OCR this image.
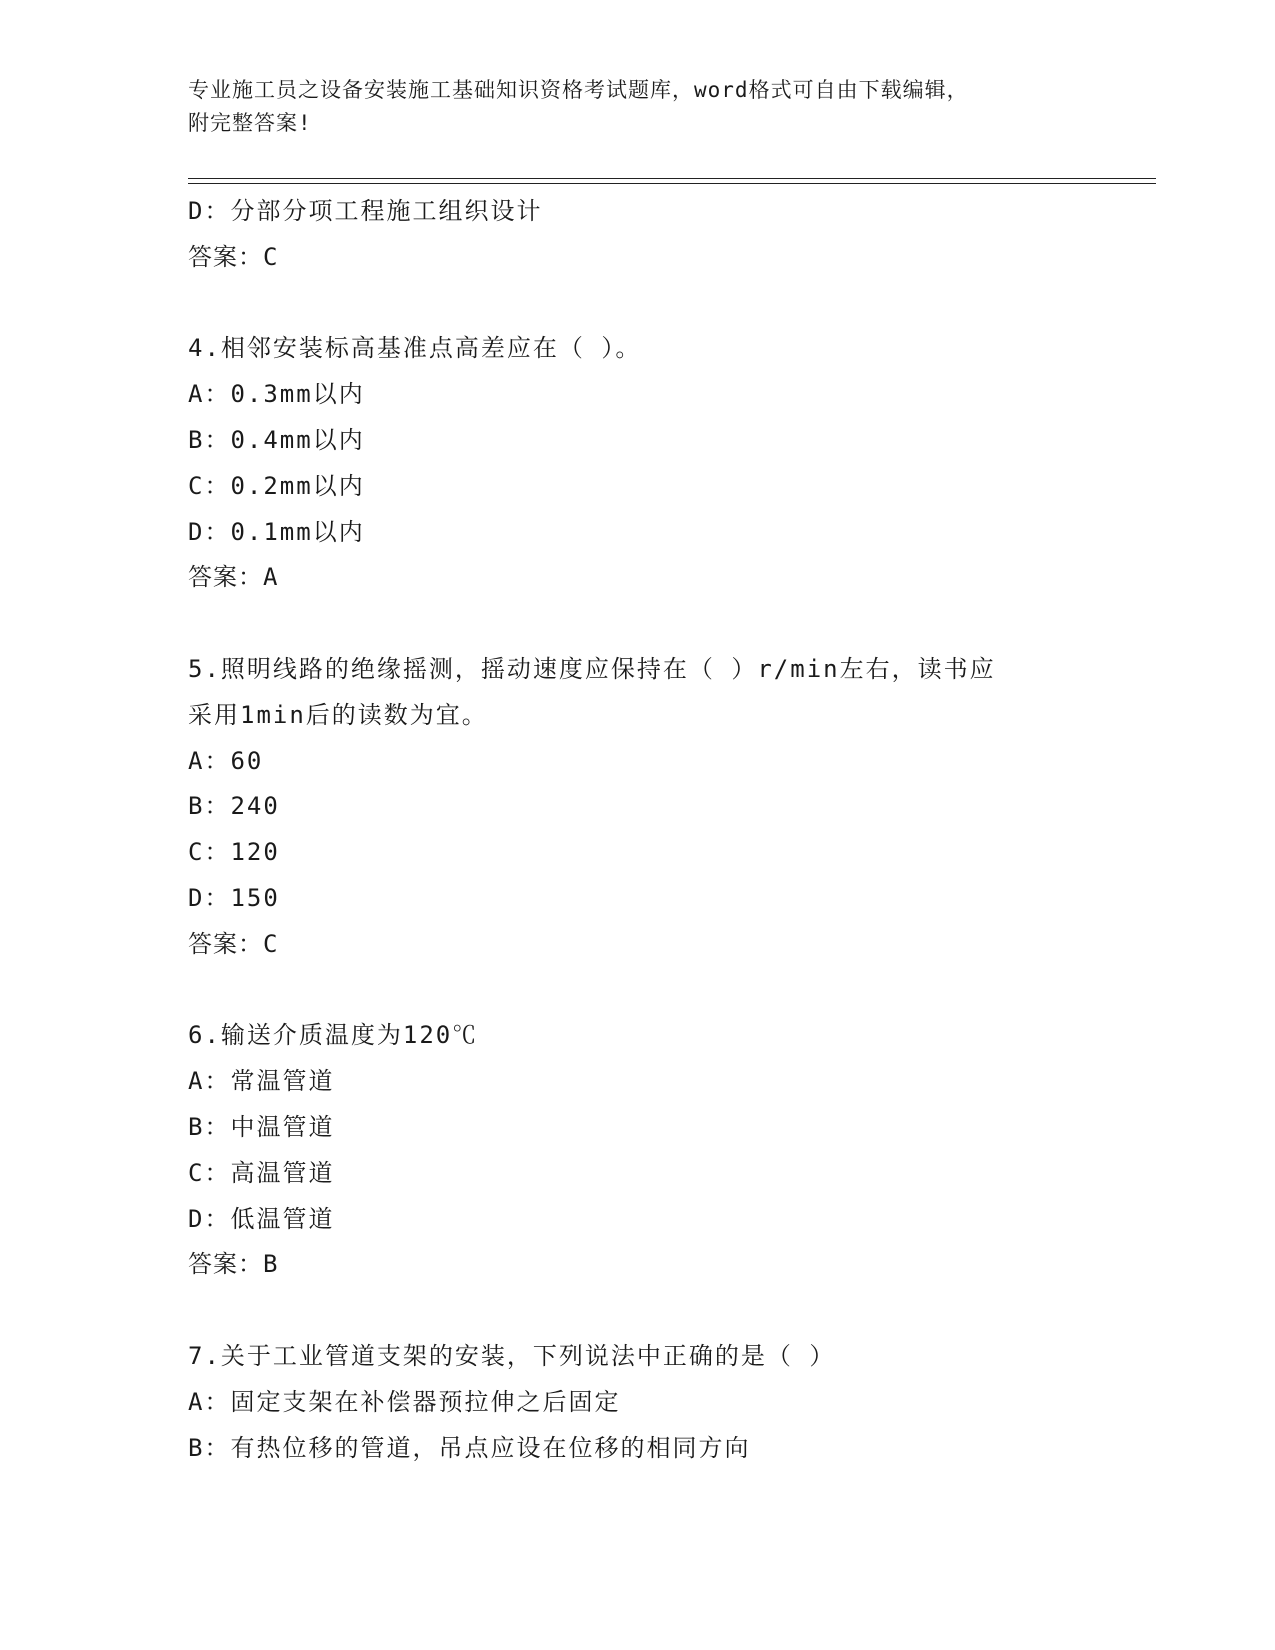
专业施工员之设备安装施工基础知识资格考试题库，word格式可自由下载编辑，
附完整答案!
D：分部分项工程施工组织设计
答案：C
4.相邻安装标高基准点高差应在（ ）。
A：0.3mm以内
B：0.4mm以内
C：0.2mm以内
D：0.1mm以内
答案：A
5.照明线路的绝缘摇测，摇动速度应保持在（ ）r/min左右，读书应
采用1min后的读数为宜。
A：60
B：240
C：120
D：150
答案：C
6.输送介质温度为120℃
A：常温管道
B：中温管道
C：高温管道
D：低温管道
答案：B
7.关于工业管道支架的安装，下列说法中正确的是（ ）
A：固定支架在补偿器预拉伸之后固定
B：有热位移的管道，吊点应设在位移的相同方向
